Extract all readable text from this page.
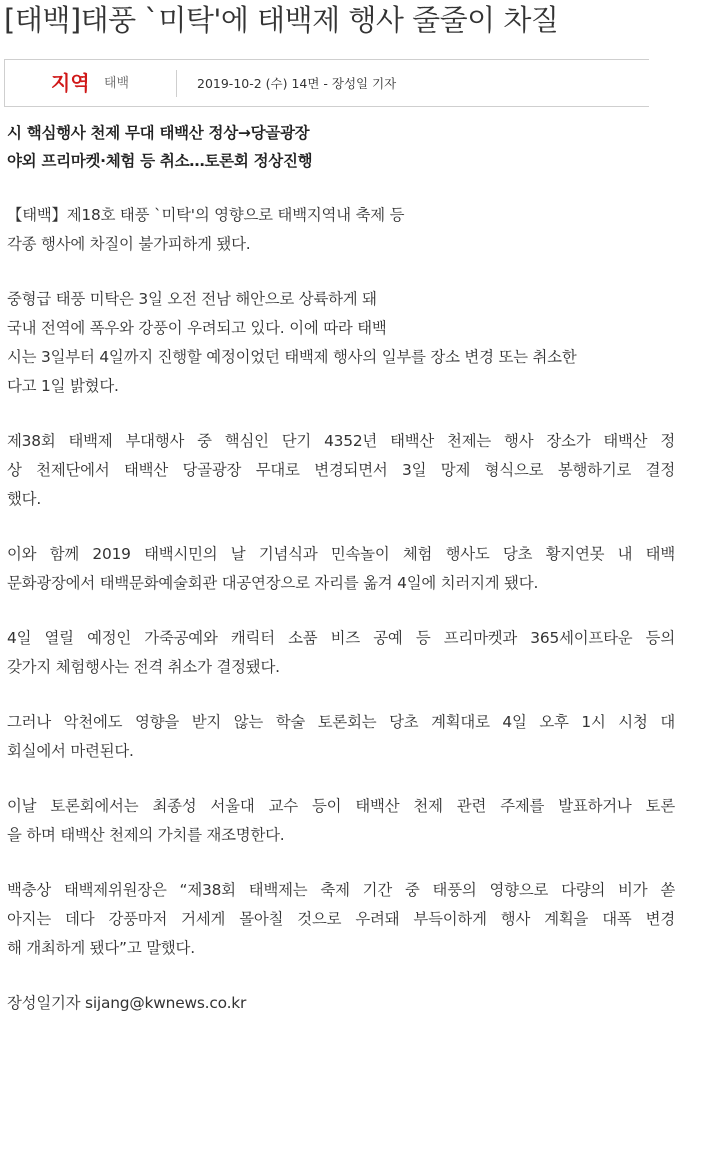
[태백]태풍 `미탁'에 태백제 행사 줄줄이 차질
지역 태백	2019-10-2 (수) 14면 - 장성일 기자
시 핵심행사 천제 무대 태백산 정상→당골광장
야외 프리마켓·체험 등 취소…토론회 정상진행

【태백】제18호 태풍 `미탁'의 영향으로 태백지역내 축제 등
각종 행사에 차질이 불가피하게 됐다.

중형급 태풍 미탁은 3일 오전 전남 해안으로 상륙하게 돼
국내 전역에 폭우와 강풍이 우려되고 있다. 이에 따라 태백
시는 3일부터 4일까지 진행할 예정이었던 태백제 행사의 일부를 장소 변경 또는 취소한
다고 1일 밝혔다.

제38회 태백제 부대행사 중 핵심인 단기 4352년 태백산 천제는 행사 장소가 태백산 정
상 천제단에서 태백산 당골광장 무대로 변경되면서 3일 망제 형식으로 봉행하기로 결정
했다.

이와 함께 2019 태백시민의 날 기념식과 민속놀이 체험 행사도 당초 황지연못 내 태백
문화광장에서 태백문화예술회관 대공연장으로 자리를 옮겨 4일에 치러지게 됐다.

4일 열릴 예정인 가죽공예와 캐릭터 소품 비즈 공예 등 프리마켓과 365세이프타운 등의
갖가지 체험행사는 전격 취소가 결정됐다.

그러나 악천에도 영향을 받지 않는 학술 토론회는 당초 계획대로 4일 오후 1시 시청 대
회실에서 마련된다.

이날 토론회에서는 최종성 서울대 교수 등이 태백산 천제 관련 주제를 발표하거나 토론
을 하며 태백산 천제의 가치를 재조명한다.

백충상 태백제위원장은 “제38회 태백제는 축제 기간 중 태풍의 영향으로 다량의 비가 쏟
아지는 데다 강풍마저 거세게 몰아칠 것으로 우려돼 부득이하게 행사 계획을 대폭 변경
해 개최하게 됐다”고 말했다.

장성일기자 sijang@kwnews.co.kr
